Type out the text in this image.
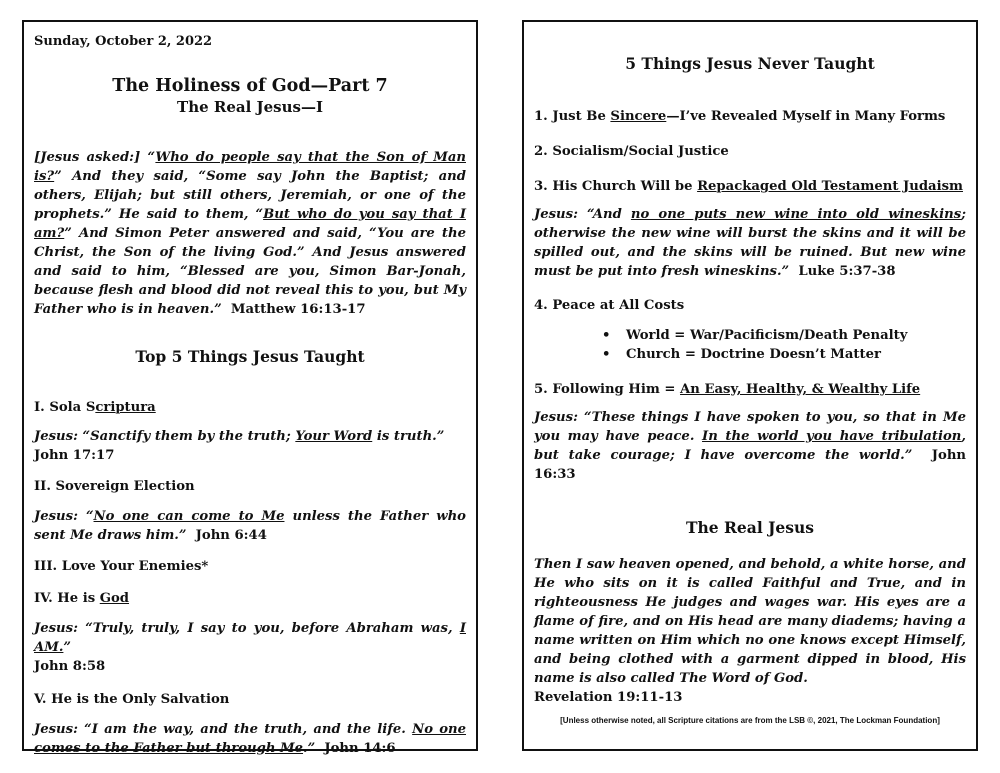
Sunday, October 2, 2022

The Holiness of God—Part 7

The Real Jesus—I

[Jesus asked:] “Who do people say that the Son of Man is?” And they said, “Some say John the Baptist; and others, Elijah; but still others, Jeremiah, or one of the prophets.” He said to them, “But who do you say that I am?” And Simon Peter answered and said, “You are the Christ, the Son of the living God.” And Jesus answered and said to him, “Blessed are you, Simon Bar-Jonah, because flesh and blood did not reveal this to you, but My Father who is in heaven.” Matthew 16:13-17

Top 5 Things Jesus Taught

I. Sola Scriptura

Jesus: “Sanctify them by the truth; Your Word is truth.”
John 17:17

II. Sovereign Election

Jesus: “No one can come to Me unless the Father who sent Me draws him.” John 6:44

III. Love Your Enemies*

IV. He is God

Jesus: “Truly, truly, I say to you, before Abraham was, I AM.”
John 8:58

V. He is the Only Salvation

Jesus: “I am the way, and the truth, and the life. No one comes to the Father but through Me.” John 14:6

5 Things Jesus Never Taught

1. Just Be Sincere—I’ve Revealed Myself in Many Forms

2. Socialism/Social Justice

3. His Church Will be Repackaged Old Testament Judaism

Jesus: “And no one puts new wine into old wineskins; otherwise the new wine will burst the skins and it will be spilled out, and the skins will be ruined. But new wine must be put into fresh wineskins.” Luke 5:37-38

4. Peace at All Costs

• World = War/Pacificism/Death Penalty
• Church = Doctrine Doesn’t Matter

5. Following Him = An Easy, Healthy, & Wealthy Life

Jesus: “These things I have spoken to you, so that in Me you may have peace. In the world you have tribulation, but take courage; I have overcome the world.” John 16:33

The Real Jesus

Then I saw heaven opened, and behold, a white horse, and He who sits on it is called Faithful and True, and in righteousness He judges and wages war. His eyes are a flame of fire, and on His head are many diadems; having a name written on Him which no one knows except Himself, and being clothed with a garment dipped in blood, His name is also called The Word of God.
Revelation 19:11-13

[Unless otherwise noted, all Scripture citations are from the LSB ©, 2021, The Lockman Foundation]
